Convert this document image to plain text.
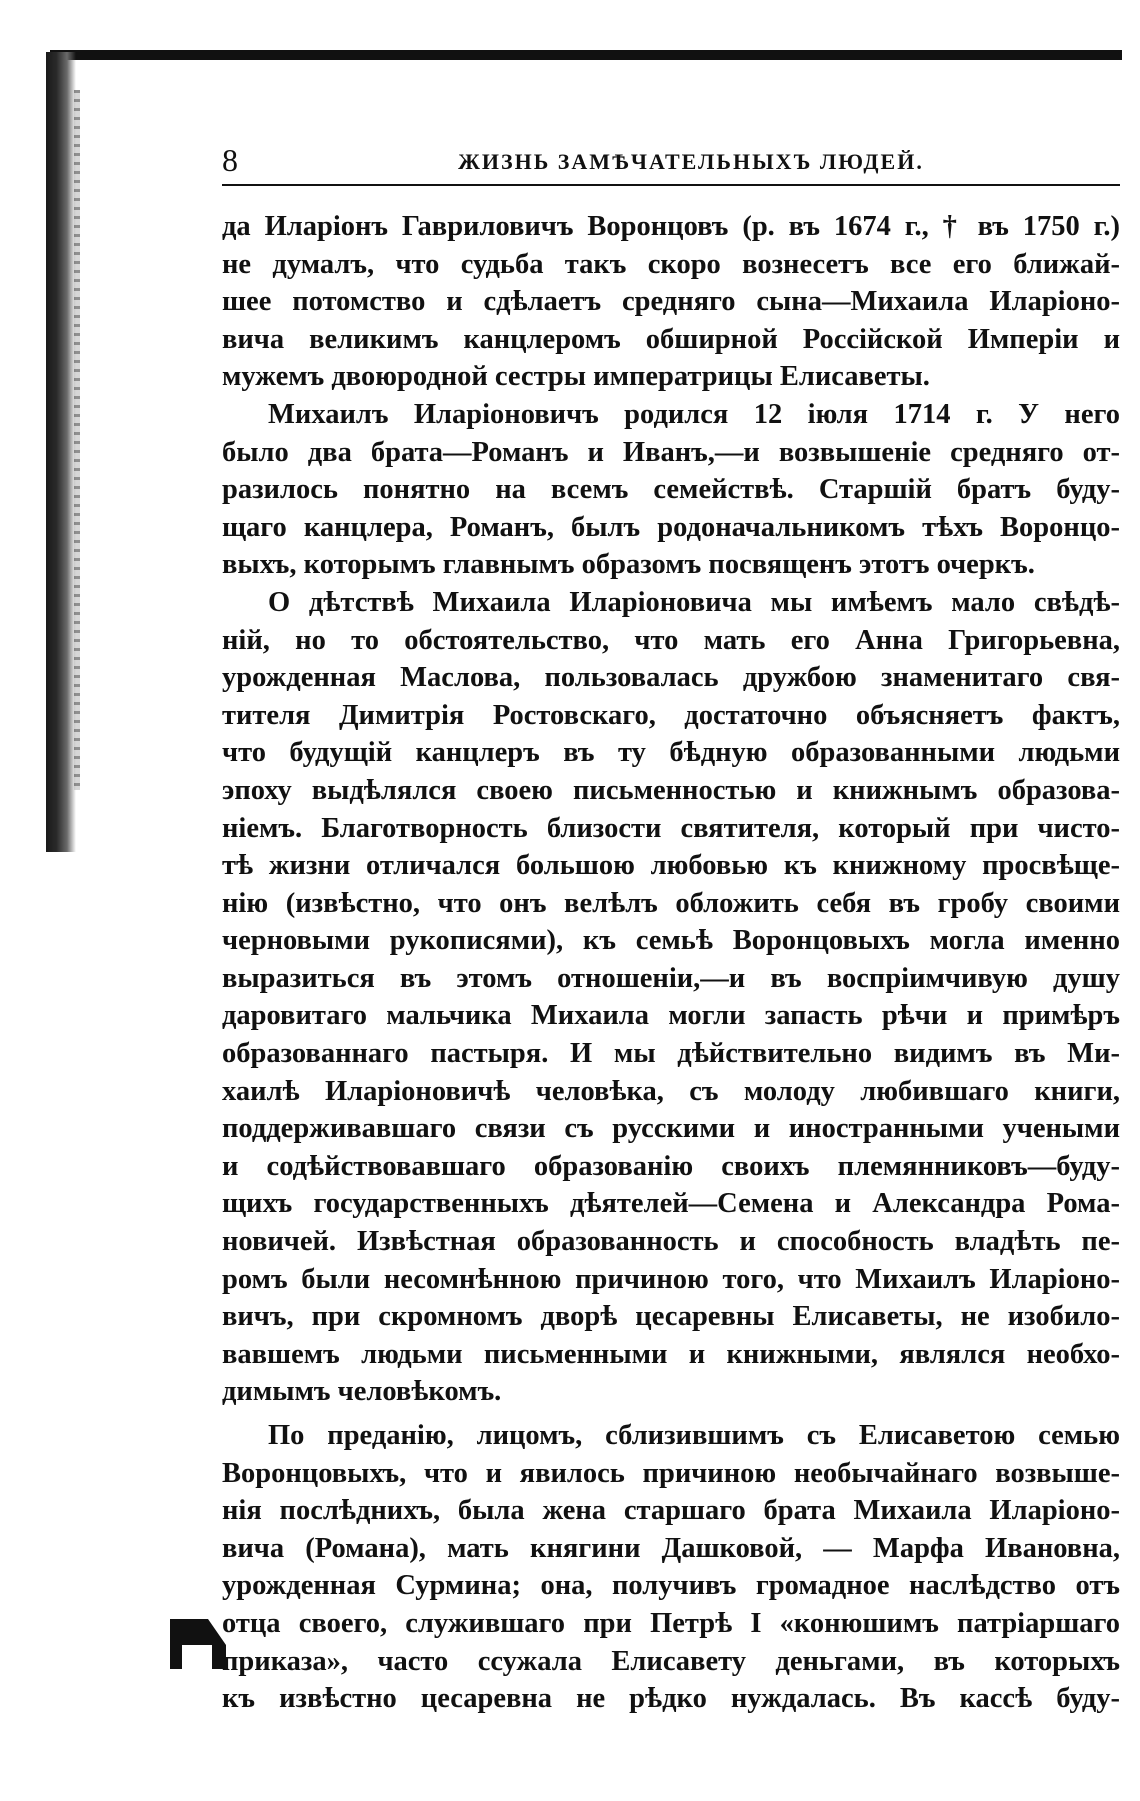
8	ЖИЗНЬ ЗАМѢЧАТЕЛЬНЫХЪ ЛЮДЕЙ.
да Иларіонъ Гавриловичъ Воронцовъ (р. въ 1674 г., † въ 1750 г.)
не думалъ, что судьба такъ скоро вознесетъ все его ближай-
шее потомство и сдѣлаетъ средняго сына—Михаила Иларіоно-
вича великимъ канцлеромъ обширной Россійской Имперіи и
мужемъ двоюродной сестры императрицы Елисаветы.
Михаилъ Иларіоновичъ родился 12 іюля 1714 г. У него
было два брата—Романъ и Иванъ,—и возвышеніе средняго от-
разилось понятно на всемъ семействѣ. Старшій братъ буду-
щаго канцлера, Романъ, былъ родоначальникомъ тѣхъ Воронцо-
выхъ, которымъ главнымъ образомъ посвященъ этотъ очеркъ.
О дѣтствѣ Михаила Иларіоновича мы имѣемъ мало свѣдѣ-
ній, но то обстоятельство, что мать его Анна Григорьевна,
урожденная Маслова, пользовалась дружбою знаменитаго свя-
тителя Димитрія Ростовскаго, достаточно объясняетъ фактъ,
что будущій канцлеръ въ ту бѣдную образованными людьми
эпоху выдѣлялся своею письменностью и книжнымъ образова-
ніемъ. Благотворность близости святителя, который при чисто-
тѣ жизни отличался большою любовью къ книжному просвѣще-
нію (извѣстно, что онъ велѣлъ обложить себя въ гробу своими
черновыми рукописями), къ семьѣ Воронцовыхъ могла именно
выразиться въ этомъ отношеніи,—и въ воспріимчивую душу
даровитаго мальчика Михаила могли запасть рѣчи и примѣръ
образованнаго пастыря. И мы дѣйствительно видимъ въ Ми-
хаилѣ Иларіоновичѣ человѣка, съ молоду любившаго книги,
поддерживавшаго связи съ русскими и иностранными учеными
и содѣйствовавшаго образованію своихъ племянниковъ—буду-
щихъ государственныхъ дѣятелей—Семена и Александра Рома-
новичей. Извѣстная образованность и способность владѣть пе-
ромъ были несомнѣнною причиною того, что Михаилъ Иларіоно-
вичъ, при скромномъ дворѣ цесаревны Елисаветы, не изобило-
вавшемъ людьми письменными и книжными, являлся необхо-
димымъ человѣкомъ.
По преданію, лицомъ, сблизившимъ съ Елисаветою семью
Воронцовыхъ, что и явилось причиною необычайнаго возвыше-
нія послѣднихъ, была жена старшаго брата Михаила Иларіоно-
вича (Романа), мать княгини Дашковой, — Марфа Ивановна,
урожденная Сурмина; она, получивъ громадное наслѣдство отъ
отца своего, служившаго при Петрѣ I «конюшимъ патріаршаго
приказа», часто ссужала Елисавету деньгами, въ которыхъ
къ извѣстно цесаревна не рѣдко нуждалась. Въ кассѣ буду-
